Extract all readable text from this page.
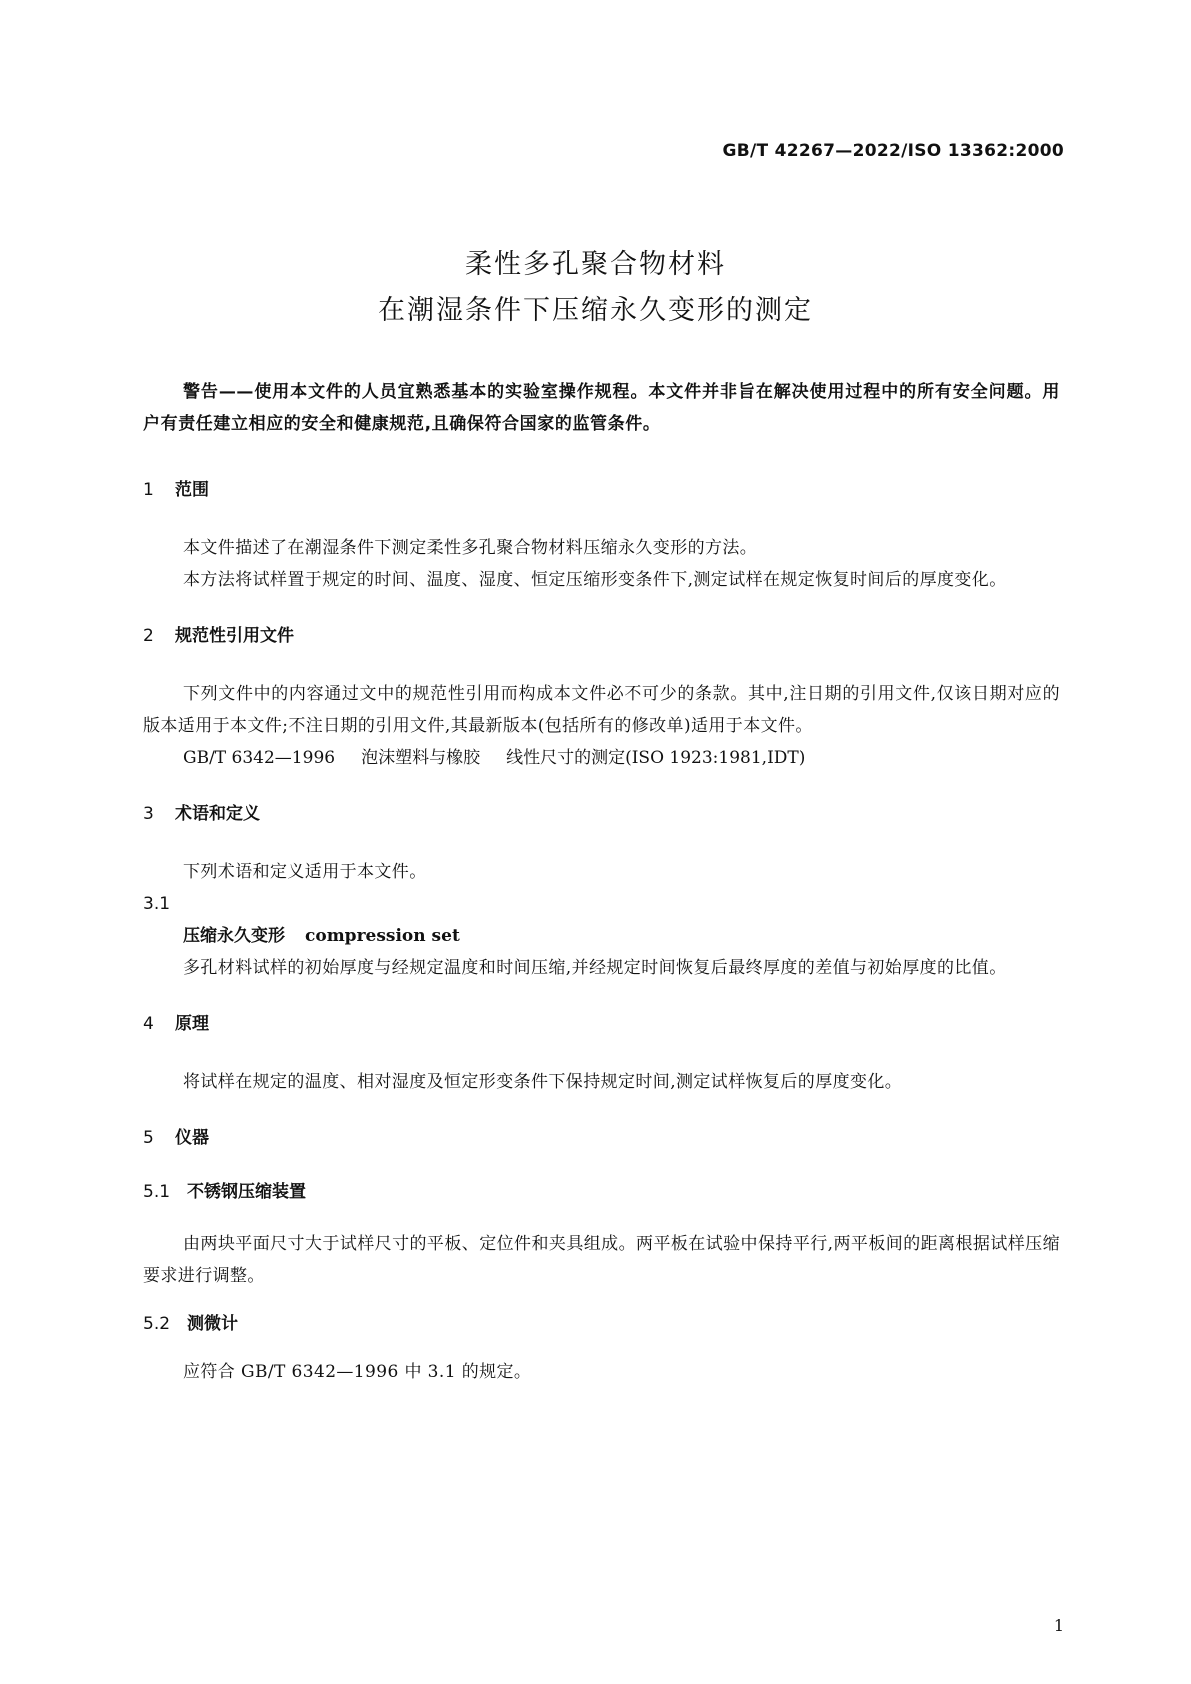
GB/T 42267—2022/ISO 13362:2000
柔性多孔聚合物材料
在潮湿条件下压缩永久变形的测定

警告——使用本文件的人员宜熟悉基本的实验室操作规程。本文件并非旨在解决使用过程中的所有安全问题。用户有责任建立相应的安全和健康规范,且确保符合国家的监管条件。

1 范围

本文件描述了在潮湿条件下测定柔性多孔聚合物材料压缩永久变形的方法。

本方法将试样置于规定的时间、温度、湿度、恒定压缩形变条件下,测定试样在规定恢复时间后的厚度变化。

2 规范性引用文件

下列文件中的内容通过文中的规范性引用而构成本文件必不可少的条款。其中,注日期的引用文件,仅该日期对应的版本适用于本文件;不注日期的引用文件,其最新版本(包括所有的修改单)适用于本文件。

GB/T 6342—1996 泡沫塑料与橡胶 线性尺寸的测定(ISO 1923:1981,IDT)

3 术语和定义

下列术语和定义适用于本文件。

3.1

压缩永久变形 compression set

多孔材料试样的初始厚度与经规定温度和时间压缩,并经规定时间恢复后最终厚度的差值与初始厚度的比值。

4 原理

将试样在规定的温度、相对湿度及恒定形变条件下保持规定时间,测定试样恢复后的厚度变化。

5 仪器
5.1 不锈钢压缩装置

由两块平面尺寸大于试样尺寸的平板、定位件和夹具组成。两平板在试验中保持平行,两平板间的距离根据试样压缩要求进行调整。

5.2 测微计

应符合 GB/T 6342—1996 中 3.1 的规定。

1
